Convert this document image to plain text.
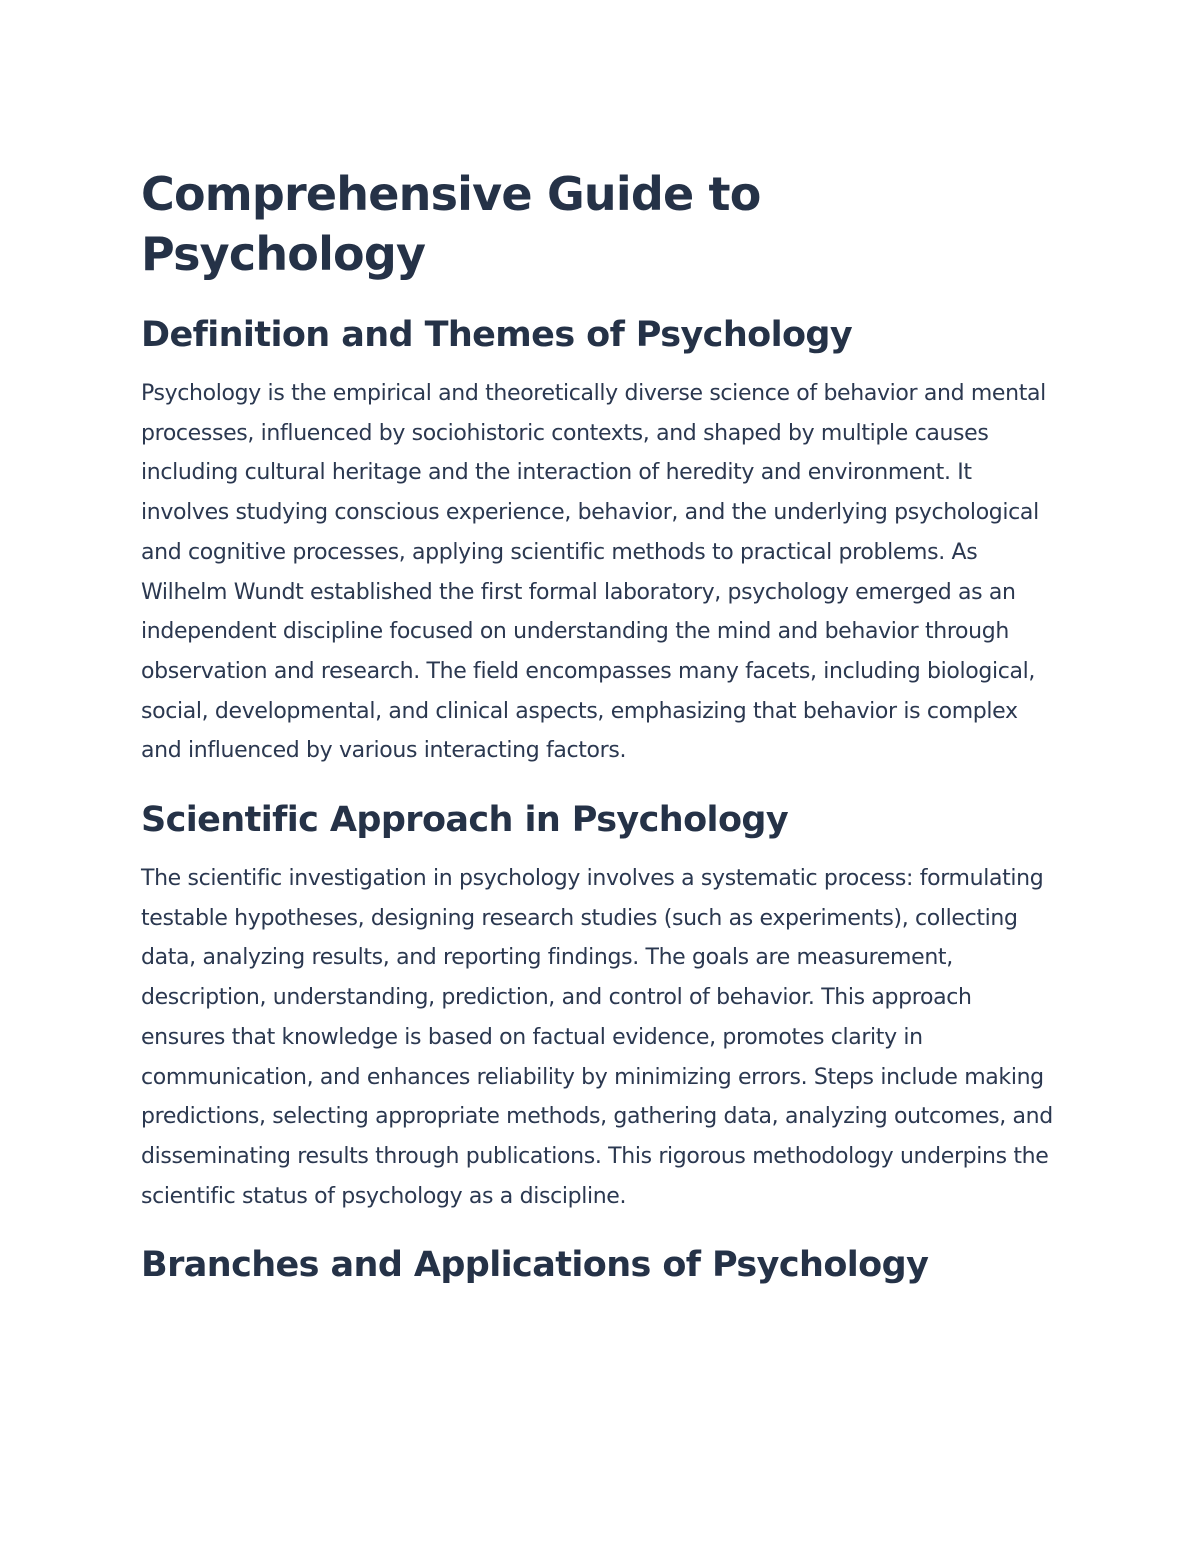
Comprehensive Guide to Psychology
Definition and Themes of Psychology

Psychology is the empirical and theoretically diverse science of behavior and mental processes, influenced by sociohistoric contexts, and shaped by multiple causes including cultural heritage and the interaction of heredity and environment. It involves studying conscious experience, behavior, and the underlying psychological and cognitive processes, applying scientific methods to practical problems. As Wilhelm Wundt established the first formal laboratory, psychology emerged as an independent discipline focused on understanding the mind and behavior through observation and research. The field encompasses many facets, including biological, social, developmental, and clinical aspects, emphasizing that behavior is complex and influenced by various interacting factors.

Scientific Approach in Psychology

The scientific investigation in psychology involves a systematic process: formulating testable hypotheses, designing research studies (such as experiments), collecting data, analyzing results, and reporting findings. The goals are measurement, description, understanding, prediction, and control of behavior. This approach ensures that knowledge is based on factual evidence, promotes clarity in communication, and enhances reliability by minimizing errors. Steps include making predictions, selecting appropriate methods, gathering data, analyzing outcomes, and disseminating results through publications. This rigorous methodology underpins the scientific status of psychology as a discipline.

Branches and Applications of Psychology
